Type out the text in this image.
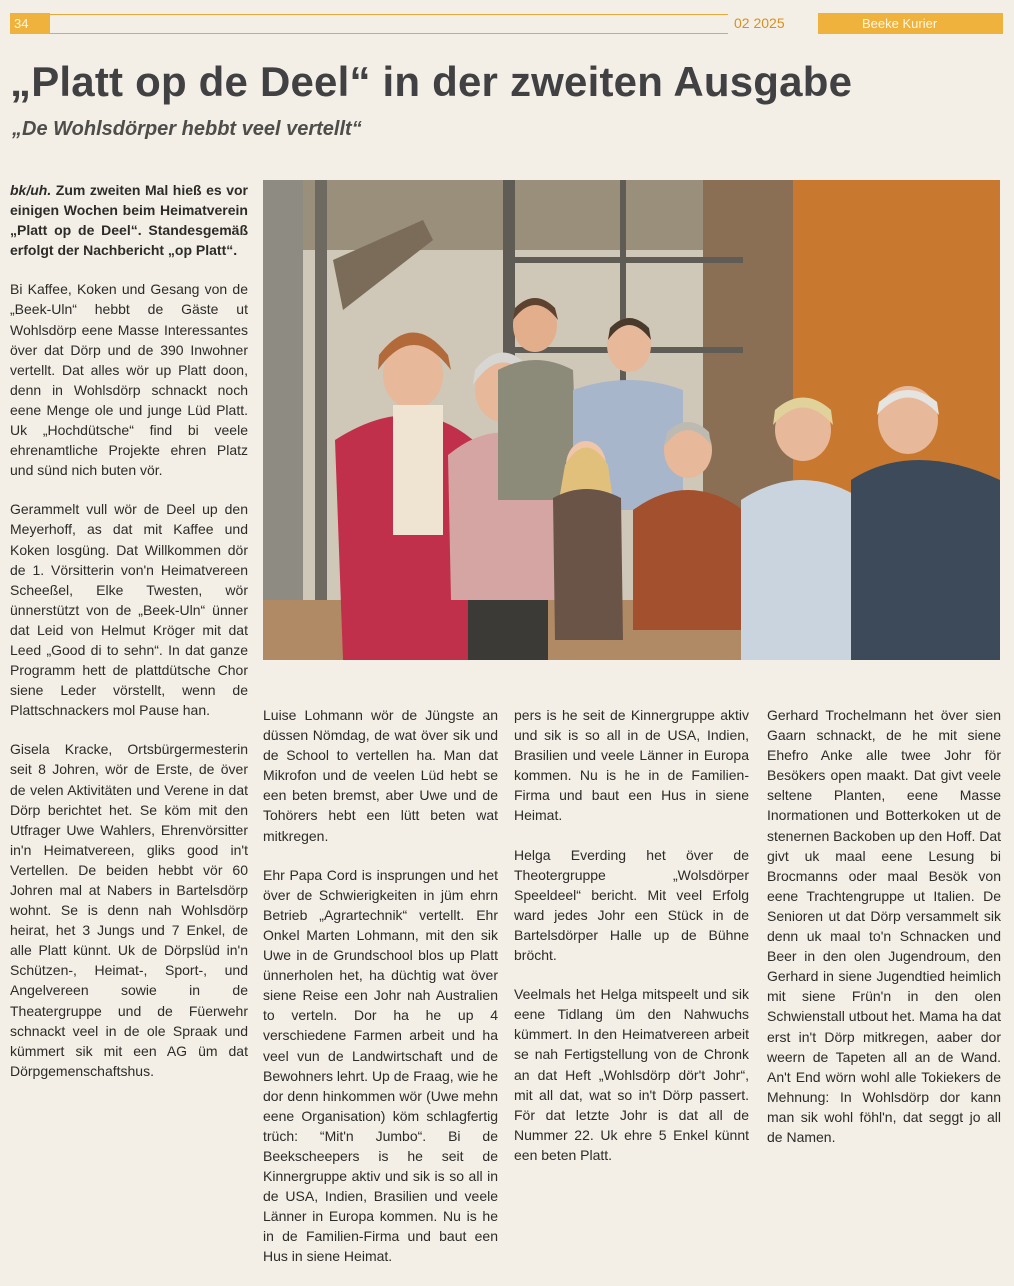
34	02 2025	Beeke Kurier
„Platt op de Deel“ in der zweiten Ausgabe
„De Wohlsdörper hebbt veel vertellt“

bk/uh. Zum zweiten Mal hieß es vor einigen Wochen beim Heimatverein „Platt op de Deel“. Standesgemäß erfolgt der Nachbericht „op Platt“.

Bi Kaffee, Koken und Gesang von de „Beek-Uln“ hebbt de Gäste ut Wohlsdörp eene Masse Interessantes över dat Dörp und de 390 Inwohner vertellt. Dat alles wör up Platt doon, denn in Wohlsdörp schnackt noch eene Menge ole und junge Lüd Platt. Uk „Hochdütsche“ find bi veele ehrenamtliche Projekte ehren Platz und sünd nich buten vör.

Gerammelt vull wör de Deel up den Meyerhoff, as dat mit Kaffee und Koken losgüng. Dat Willkommen dör de 1. Vörsitterin von'n Heimatvereen Scheeßel, Elke Twesten, wör ünnerstützt von de „Beek-Uln“ ünner dat Leid von Helmut Kröger mit dat Leed „Good di to sehn“. In dat ganze Programm hett de plattdütsche Chor siene Leder vörstellt, wenn de Plattschnackers mol Pause han.

Gisela Kracke, Ortsbürgermesterin seit 8 Johren, wör de Erste, de över de velen Aktivitäten und Verene in dat Dörp berichtet het. Se köm mit den Utfrager Uwe Wahlers, Ehrenvörsitter in'n Heimatvereen, gliks good in't Vertellen. De beiden hebbt vör 60 Johren mal at Nabers in Bartelsdörp wohnt. Se is denn nah Wohlsdörp heirat, het 3 Jungs und 7 Enkel, de alle Platt künnt. Uk de Dörpslüd in'n Schützen-, Heimat-, Sport-, und Angelvereen sowie in de Theatergruppe und de Füerwehr schnackt veel in de ole Spraak und kümmert sik mit een AG üm dat Dörpgemenschaftshus.

Luise Lohmann wör de Jüngste an düssen Nömdag, de wat över sik und de School to vertellen ha. Man dat Mikrofon und de veelen Lüd hebt se een beten bremst, aber Uwe und de Tohörers hebt een lütt beten wat mitkregen.

Ehr Papa Cord is insprungen und het över de Schwierigkeiten in jüm ehrn Betrieb „Agrartechnik“ vertellt. Ehr Onkel Marten Lohmann, mit den sik Uwe in de Grundschool blos up Platt ünnerholen het, ha düchtig wat över siene Reise een Johr nah Australien to verteln. Dor ha he up 4 verschiedene Farmen arbeit und ha veel vun de Landwirtschaft und de Bewohners lehrt. Up de Fraag, wie he dor denn hinkommen wör (Uwe mehn eene Organisation) köm schlagfertig trüch: “Mit'n Jumbo“. Bi de Beekscheepers is he seit de Kinnergruppe aktiv und sik is so all in de USA, Indien, Brasilien und veele Länner in Europa kommen. Nu is he in de Familien-Firma und baut een Hus in siene Heimat.

pers is he seit de Kinnergruppe aktiv und sik is so all in de USA, Indien, Brasilien und veele Länner in Europa kommen. Nu is he in de Familien-Firma und baut een Hus in siene Heimat.

Helga Everding het över de Theotergruppe „Wolsdörper Speeldeel“ bericht. Mit veel Erfolg ward jedes Johr een Stück in de Bartelsdörper Halle up de Bühne bröcht.

Veelmals het Helga mitspeelt und sik eene Tidlang üm den Nahwuchs kümmert. In den Heimatvereen arbeit se nah Fertigstellung von de Chronk an dat Heft „Wohlsdörp dör't Johr“, mit all dat, wat so in't Dörp passert. För dat letzte Johr is dat all de Nummer 22. Uk ehre 5 Enkel künnt een beten Platt.

Gerhard Trochelmann het över sien Gaarn schnackt, de he mit siene Ehefro Anke alle twee Johr för Besökers open maakt. Dat givt veele seltene Planten, eene Masse Inormationen und Botterkoken ut de stenernen Backoben up den Hoff. Dat givt uk maal eene Lesung bi Brocmanns oder maal Besök von eene Trachtengruppe ut Italien. De Senioren ut dat Dörp versammelt sik denn uk maal to'n Schnacken und Beer in den olen Jugendroum, den Gerhard in siene Jugendtied heimlich mit siene Frün'n in den olen Schwienstall utbout het. Mama ha dat erst in't Dörp mitkregen, aaber dor weern de Tapeten all an de Wand. An't End wörn wohl alle Tokiekers de Mehnung: In Wohlsdörp dor kann man sik wohl föhl'n, dat seggt jo all de Namen.
